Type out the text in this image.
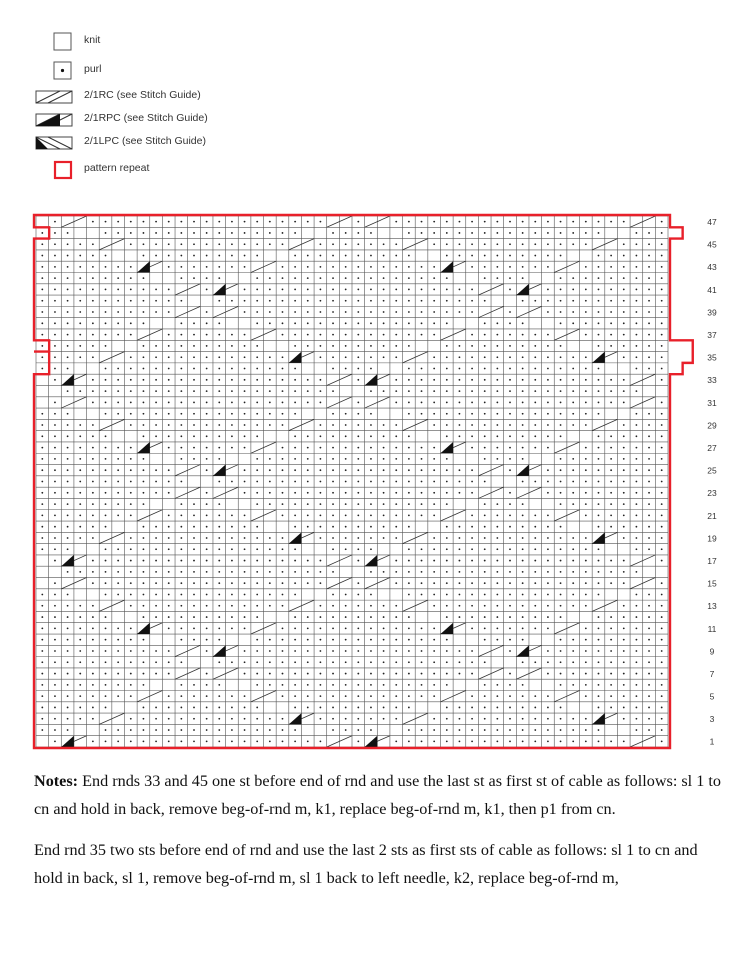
knit
purl
2/1RC (see Stitch Guide)
2/1RPC (see Stitch Guide)
2/1LPC (see Stitch Guide)
pattern repeat
47
45
43
41
39
37
35
33
31
29
27
25
23
21
19
17
15
13
11
9
7
5
3
1

Notes: End rnds 33 and 45 one st before end of rnd and use the last st as first st of cable as follows: sl 1 to cn and hold in back, remove beg-of-rnd m, k1, replace beg-of-rnd m, k1, then p1 from cn.

End rnd 35 two sts before end of rnd and use the last 2 sts as first sts of cable as follows: sl 1 to cn and hold in back, sl 1, remove beg-of-rnd m, sl 1 back to left needle, k2, replace beg-of-rnd m,
